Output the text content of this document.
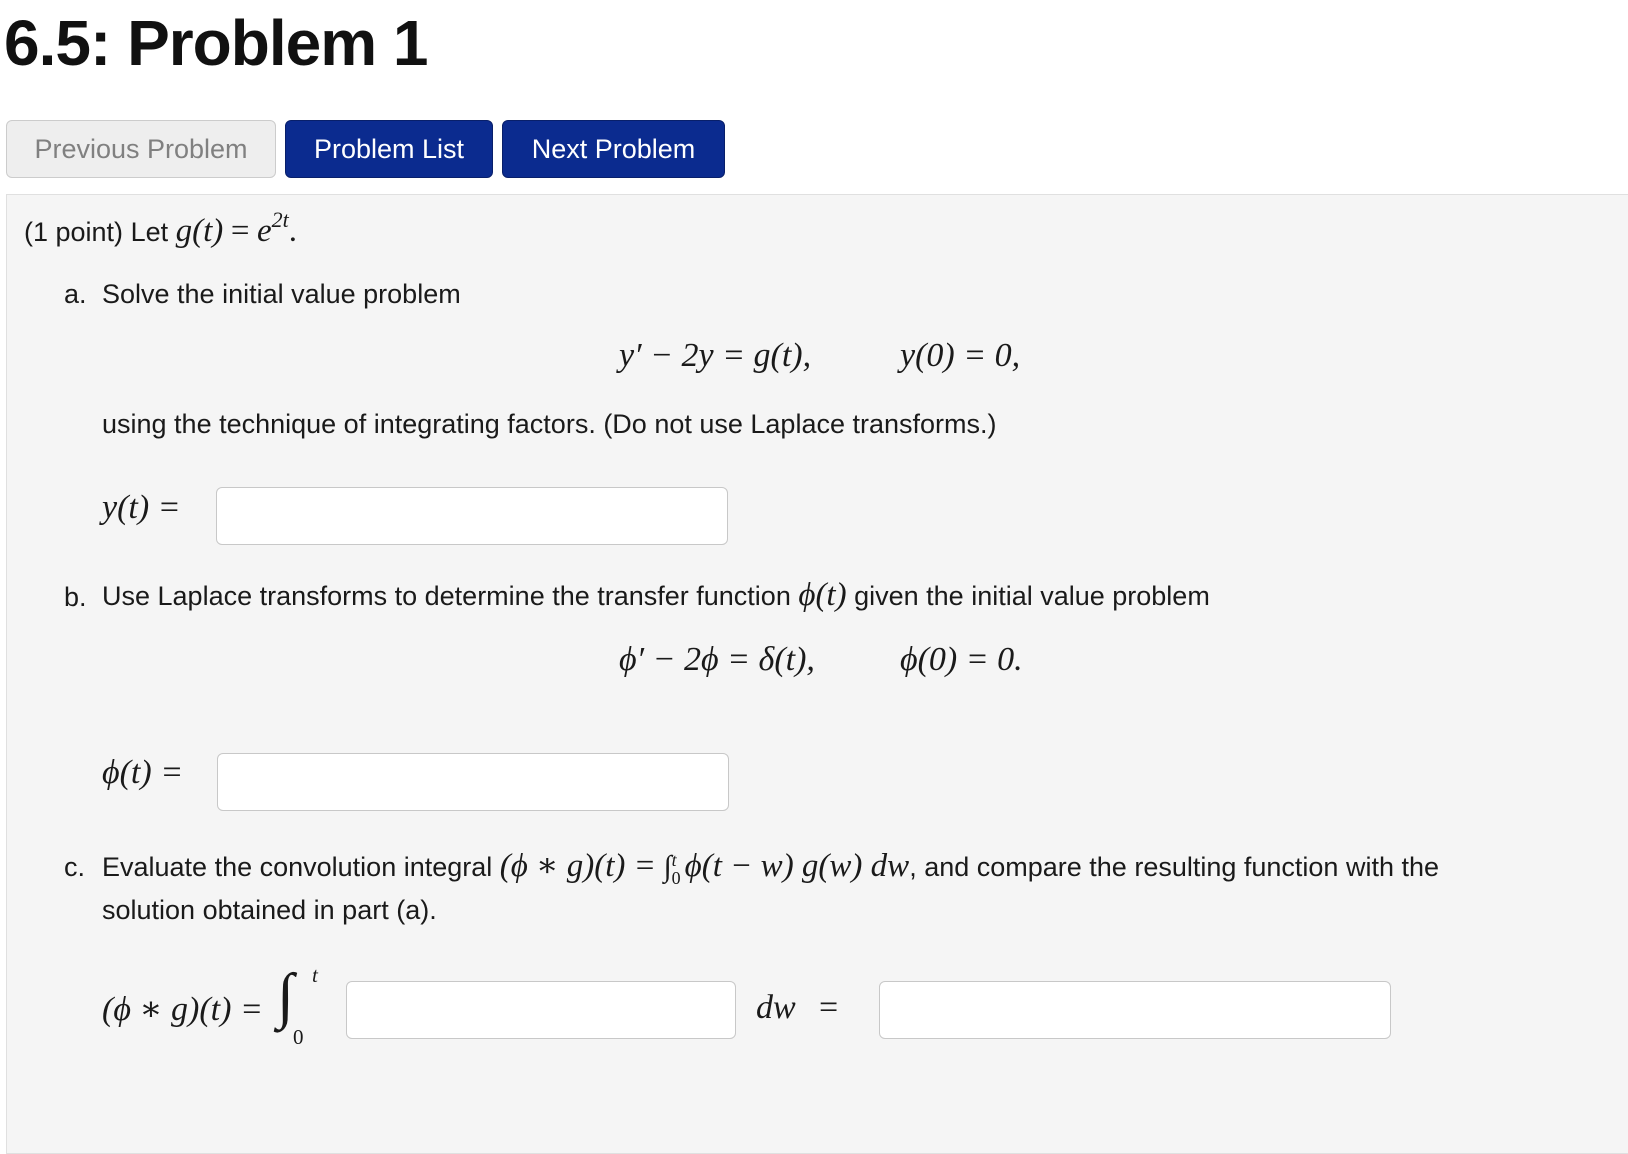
6.5: Problem 1
Previous Problem	Problem List	Next Problem
(1 point) Let $g(t) = e^{2t}$.
a. Solve the initial value problem
y′ − 2y = g(t),	y(0) = 0,
using the technique of integrating factors. (Do not use Laplace transforms.)
y(t) =
b. Use Laplace transforms to determine the transfer function ϕ(t) given the initial value problem
ϕ′ − 2ϕ = δ(t),	ϕ(0) = 0.
ϕ(t) =
c. Evaluate the convolution integral (ϕ ∗ g)(t) = ∫ t
0 ϕ(t − w) g(w) dw, and compare the resulting function with the
solution obtained in part (a).
(ϕ ∗ g)(t) = ∫ t
0
dw =
